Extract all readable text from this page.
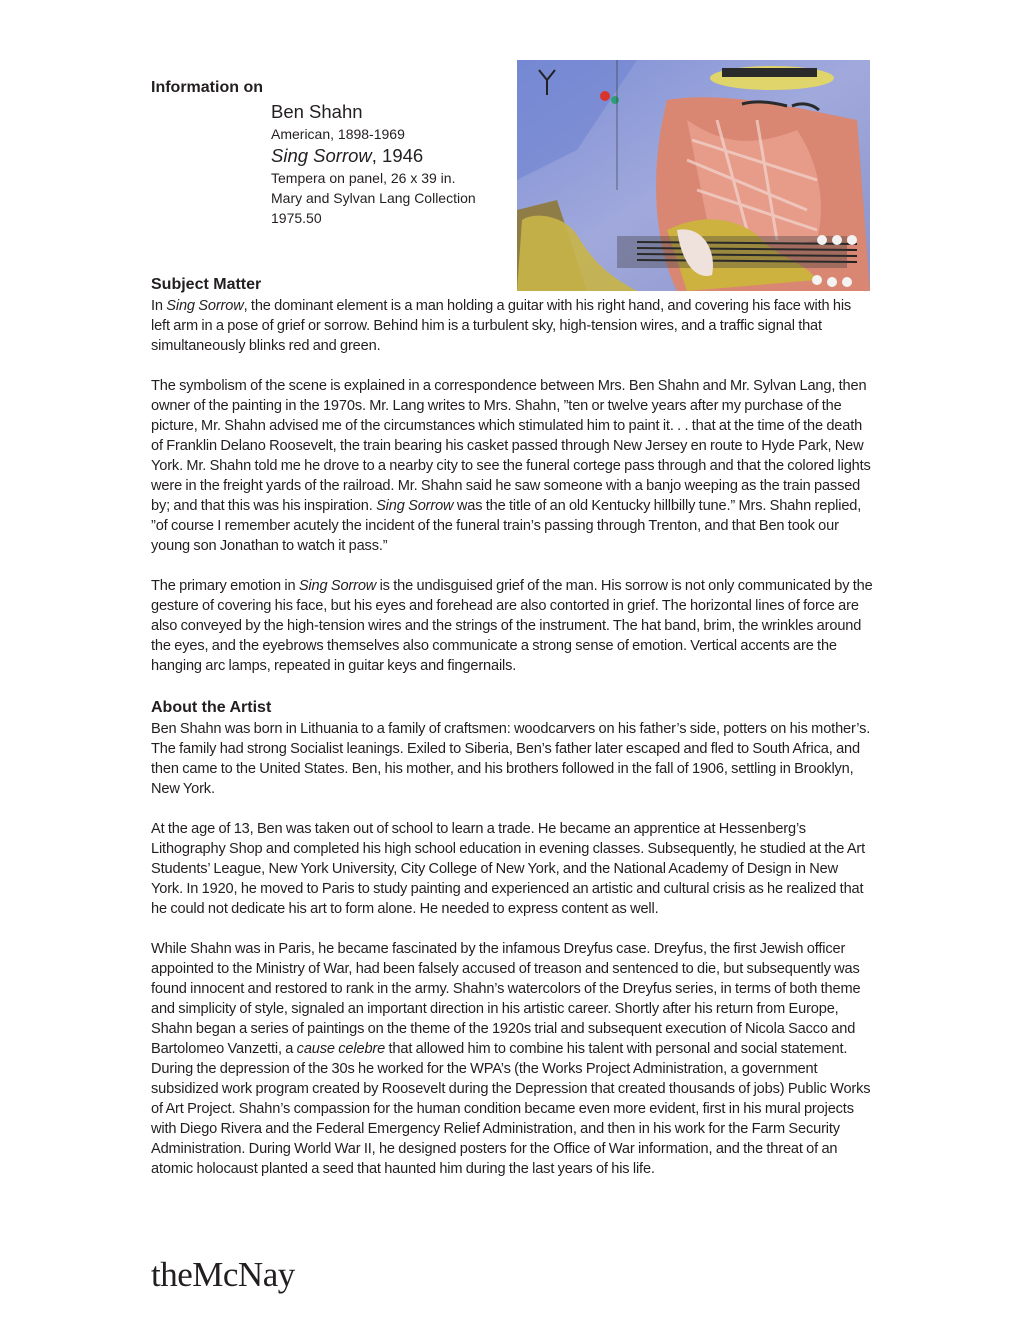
Information on
Ben Shahn
American, 1898-1969
Sing Sorrow, 1946
Tempera on panel, 26 x 39 in.
Mary and Sylvan Lang Collection
1975.50
Subject Matter

In Sing Sorrow, the dominant element is a man holding a guitar with his right hand, and covering his face with his left arm in a pose of grief or sorrow. Behind him is a turbulent sky, high-tension wires, and a traffic signal that simultaneously blinks red and green.

The symbolism of the scene is explained in a correspondence between Mrs. Ben Shahn and Mr. Sylvan Lang, then owner of the painting in the 1970s. Mr. Lang writes to Mrs. Shahn, ”ten or twelve years after my purchase of the picture, Mr. Shahn advised me of the circumstances which stimulated him to paint it. . . that at the time of the death of Franklin Delano Roosevelt, the train bearing his casket passed through New Jersey en route to Hyde Park, New York. Mr. Shahn told me he drove to a nearby city to see the funeral cortege pass through and that the colored lights were in the freight yards of the railroad. Mr. Shahn said he saw someone with a banjo weeping as the train passed by; and that this was his inspiration. Sing Sorrow was the title of an old Kentucky hillbilly tune.” Mrs. Shahn replied, ”of course I remember acutely the incident of the funeral train’s passing through Trenton, and that Ben took our young son Jonathan to watch it pass.”

The primary emotion in Sing Sorrow is the undisguised grief of the man. His sorrow is not only communicated by the gesture of covering his face, but his eyes and forehead are also contorted in grief. The horizontal lines of force are also conveyed by the high-tension wires and the strings of the instrument. The hat band, brim, the wrinkles around the eyes, and the eyebrows themselves also communicate a strong sense of emotion. Vertical accents are the hanging arc lamps, repeated in guitar keys and fingernails.

About the Artist

Ben Shahn was born in Lithuania to a family of craftsmen: woodcarvers on his father’s side, potters on his mother’s. The family had strong Socialist leanings. Exiled to Siberia, Ben’s father later escaped and fled to South Africa, and then came to the United States. Ben, his mother, and his brothers followed in the fall of 1906, settling in Brooklyn, New York.

At the age of 13, Ben was taken out of school to learn a trade. He became an apprentice at Hessenberg’s Lithography Shop and completed his high school education in evening classes. Subsequently, he studied at the Art Students’ League, New York University, City College of New York, and the National Academy of Design in New York. In 1920, he moved to Paris to study painting and experienced an artistic and cultural crisis as he realized that he could not dedicate his art to form alone. He needed to express content as well.

While Shahn was in Paris, he became fascinated by the infamous Dreyfus case. Dreyfus, the first Jewish officer appointed to the Ministry of War, had been falsely accused of treason and sentenced to die, but subsequently was found innocent and restored to rank in the army. Shahn’s watercolors of the Dreyfus series, in terms of both theme and simplicity of style, signaled an important direction in his artistic career. Shortly after his return from Europe, Shahn began a series of paintings on the theme of the 1920s trial and subsequent execution of Nicola Sacco and Bartolomeo Vanzetti, a cause celebre that allowed him to combine his talent with personal and social statement. During the depression of the 30s he worked for the WPA’s (the Works Project Administration, a government subsidized work program created by Roosevelt during the Depression that created thousands of jobs) Public Works of Art Project. Shahn’s compassion for the human condition became even more evident, first in his mural projects with Diego Rivera and the Federal Emergency Relief Administration, and then in his work for the Farm Security Administration. During World War II, he designed posters for the Office of War information, and the threat of an atomic holocaust planted a seed that haunted him during the last years of his life.

theMcNay
